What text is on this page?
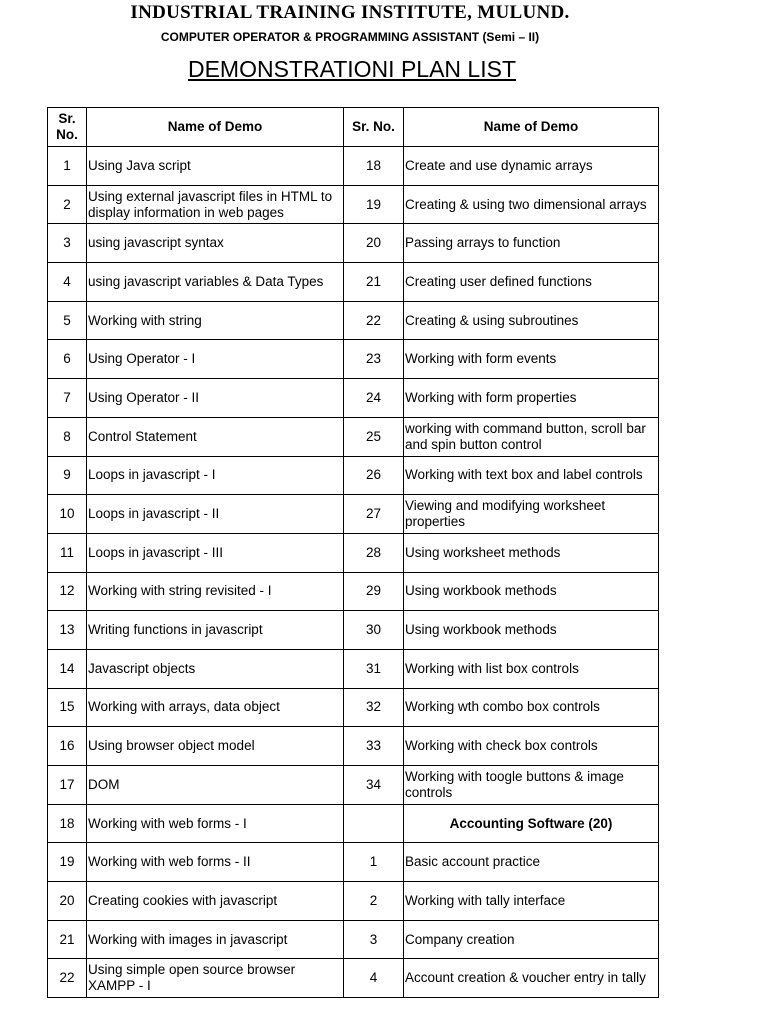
INDUSTRIAL TRAINING INSTITUTE, MULUND.
COMPUTER OPERATOR & PROGRAMMING ASSISTANT (Semi – II)
DEMONSTRATIONI PLAN LIST
Sr. No.	Name of Demo	Sr. No.	Name of Demo
1	Using Java script	18	Create and use dynamic arrays
2	Using external javascript files in HTML to display information in web pages	19	Creating & using two dimensional arrays
3	using javascript syntax	20	Passing arrays to function
4	using javascript variables & Data Types	21	Creating user defined functions
5	Working with string	22	Creating & using subroutines
6	Using Operator - I	23	Working with form events
7	Using Operator - II	24	Working with form properties
8	Control Statement	25	working with command button, scroll bar and spin button control
9	Loops in javascript - I	26	Working with text box and label controls
10	Loops in javascript - II	27	Viewing and modifying worksheet properties
11	Loops in javascript - III	28	Using worksheet methods
12	Working with string revisited - I	29	Using workbook methods
13	Writing functions in javascript	30	Using workbook methods
14	Javascript objects	31	Working with list box controls
15	Working with arrays, data object	32	Working wth combo box controls
16	Using browser object model	33	Working with check box controls
17	DOM	34	Working with toogle buttons & image controls
18	Working with web forms - I		Accounting Software (20)
19	Working with web forms - II	1	Basic account practice
20	Creating cookies with javascript	2	Working with tally interface
21	Working with images in javascript	3	Company creation
22	Using simple open source browser XAMPP - I	4	Account creation & voucher entry in tally
